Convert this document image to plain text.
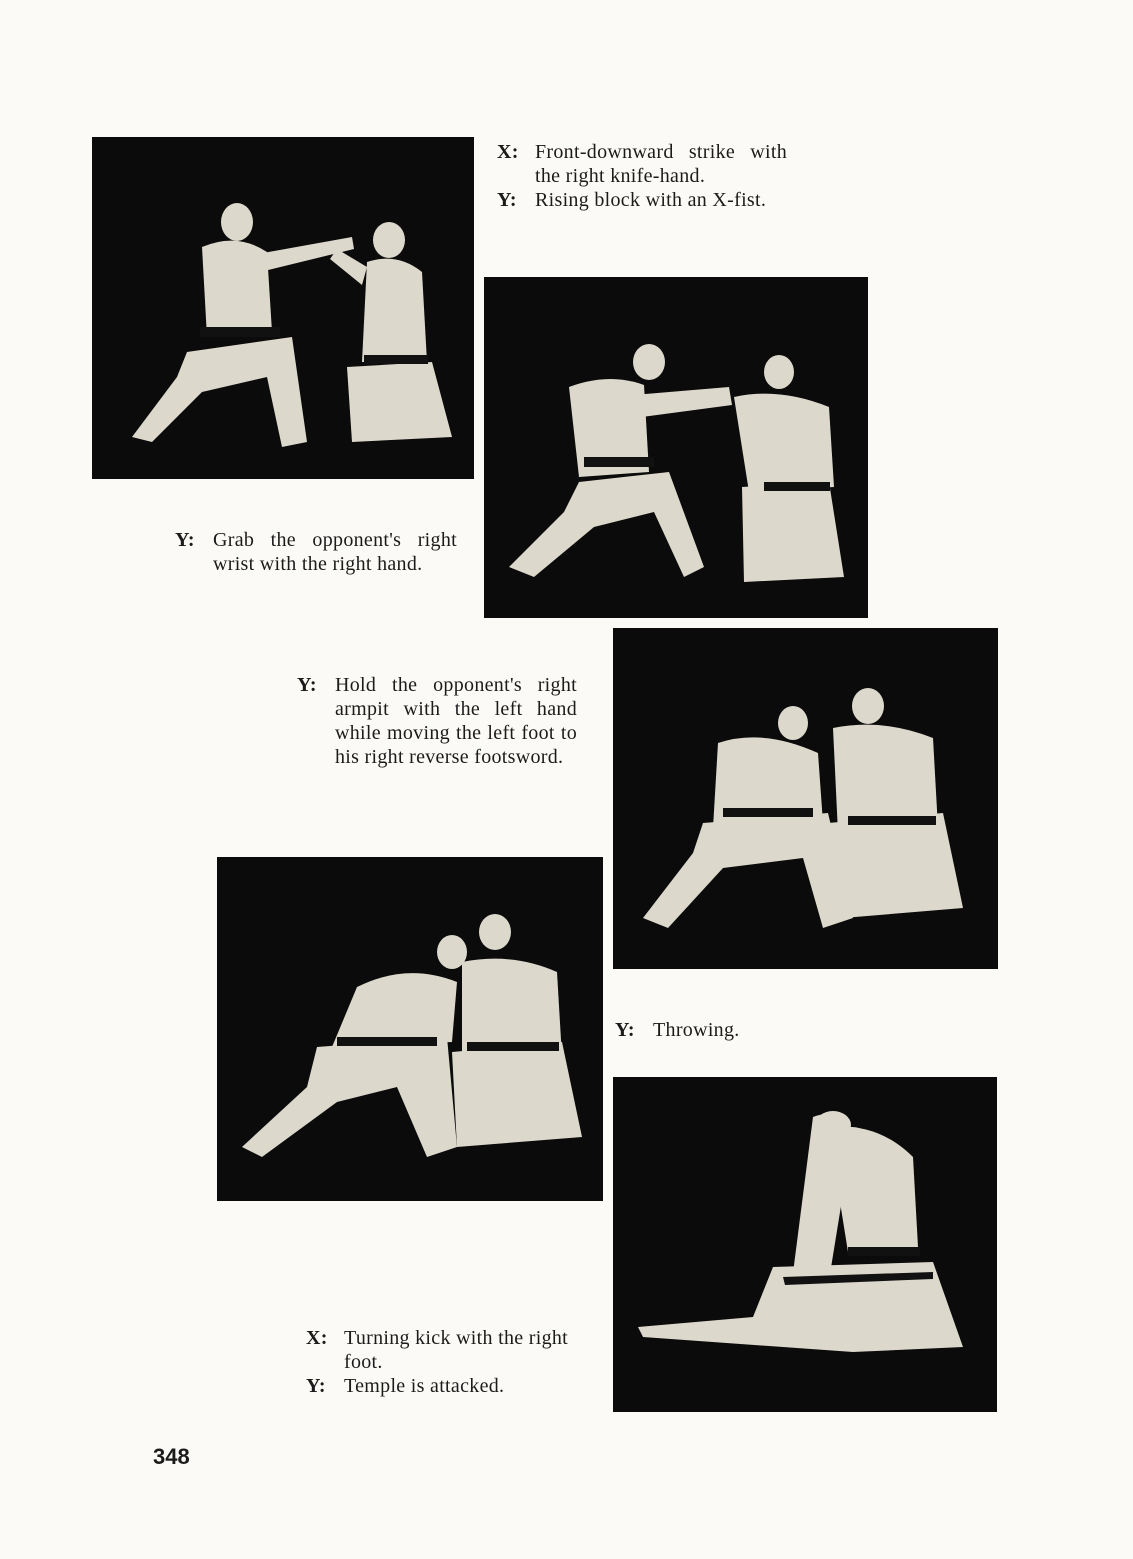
X: Front-downward strike with the right knife-hand.
Y: Rising block with an X-fist.
Y: Grab the opponent's right wrist with the right hand.
Y: Hold the opponent's right armpit with the left hand while moving the left foot to his right reverse footsword.
Y: Throwing.
X: Turning kick with the right foot.
Y: Temple is attacked.
348
